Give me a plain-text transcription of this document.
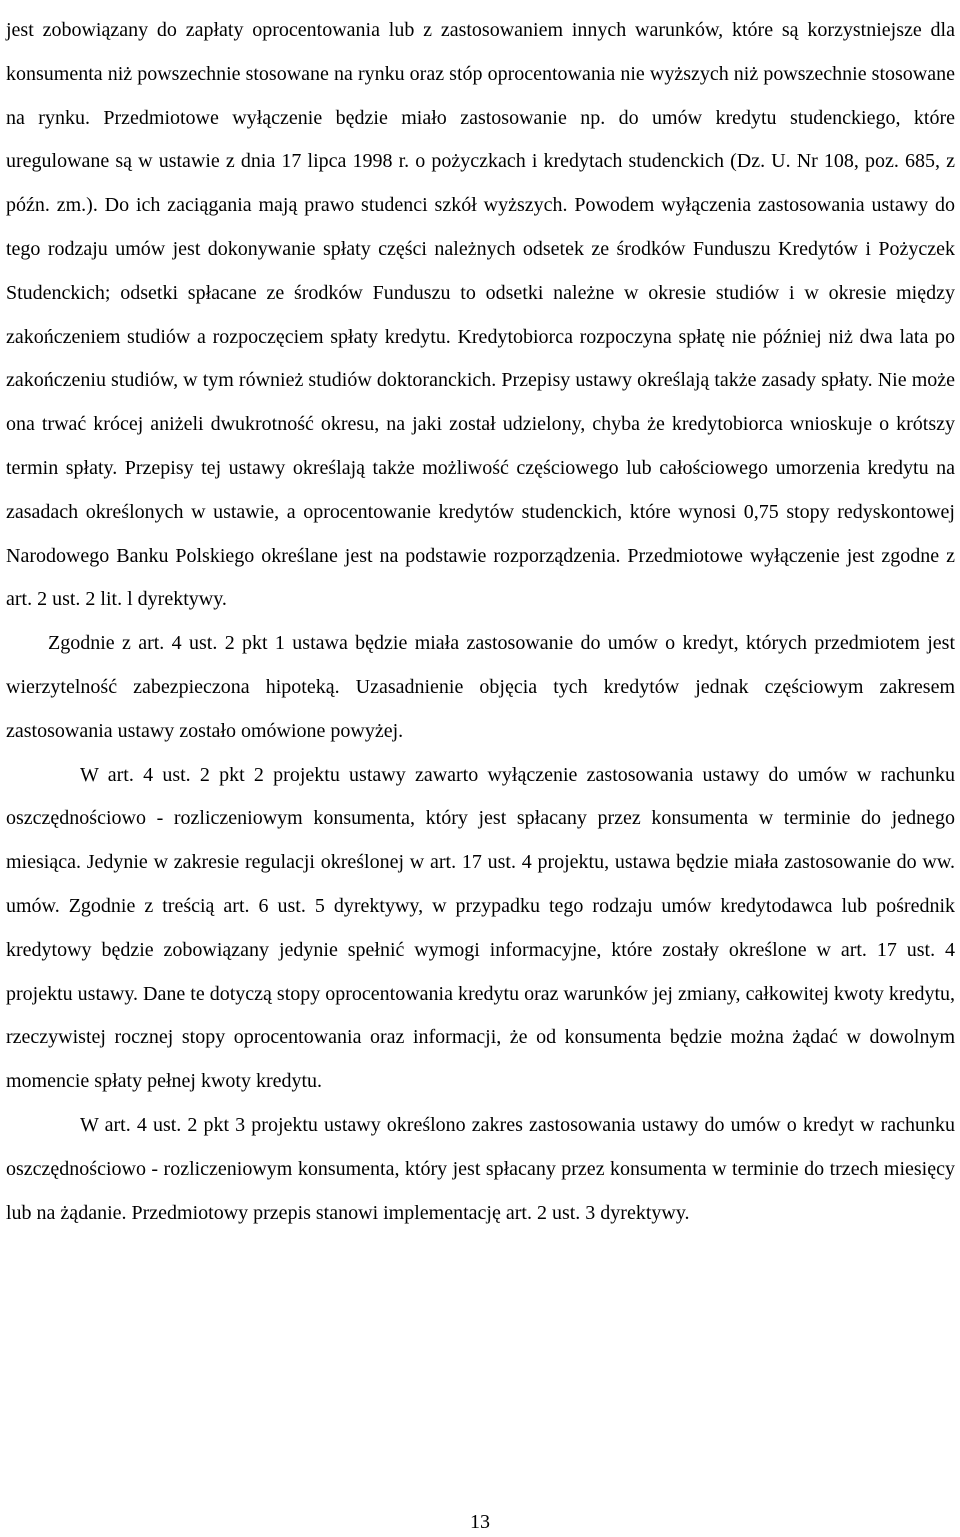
jest zobowiązany do zapłaty oprocentowania lub z zastosowaniem innych warunków, które są korzystniejsze dla konsumenta niż powszechnie stosowane na rynku oraz stóp oprocentowania nie wyższych niż powszechnie stosowane na rynku. Przedmiotowe wyłączenie będzie miało zastosowanie np. do umów kredytu studenckiego, które uregulowane są w ustawie z dnia 17 lipca 1998 r. o pożyczkach i kredytach studenckich (Dz. U. Nr 108, poz. 685, z późn. zm.). Do ich zaciągania mają prawo studenci szkół wyższych. Powodem wyłączenia zastosowania ustawy do tego rodzaju umów jest dokonywanie spłaty części należnych odsetek ze środków Funduszu Kredytów i Pożyczek Studenckich; odsetki spłacane ze środków Funduszu to odsetki należne w okresie studiów i w okresie między zakończeniem studiów a rozpoczęciem spłaty kredytu. Kredytobiorca rozpoczyna spłatę nie później niż dwa lata po zakończeniu studiów, w tym również studiów doktoranckich. Przepisy ustawy określają także zasady spłaty. Nie może ona trwać krócej aniżeli dwukrotność okresu, na jaki został udzielony, chyba że kredytobiorca wnioskuje o krótszy termin spłaty. Przepisy tej ustawy określają także możliwość częściowego lub całościowego umorzenia kredytu na zasadach określonych w ustawie, a oprocentowanie kredytów studenckich, które wynosi 0,75 stopy redyskontowej Narodowego Banku Polskiego określane jest na podstawie rozporządzenia. Przedmiotowe wyłączenie jest zgodne z art. 2 ust. 2 lit. l dyrektywy.

Zgodnie z art. 4 ust. 2 pkt 1 ustawa będzie miała zastosowanie do umów o kredyt, których przedmiotem jest wierzytelność zabezpieczona hipoteką. Uzasadnienie objęcia tych kredytów jednak częściowym zakresem zastosowania ustawy zostało omówione powyżej.

W art. 4 ust. 2 pkt 2 projektu ustawy zawarto wyłączenie zastosowania ustawy do umów w rachunku oszczędnościowo - rozliczeniowym konsumenta, który jest spłacany przez konsumenta w terminie do jednego miesiąca. Jedynie w zakresie regulacji określonej w art. 17 ust. 4 projektu, ustawa będzie miała zastosowanie do ww. umów. Zgodnie z treścią art. 6 ust. 5 dyrektywy, w przypadku tego rodzaju umów kredytodawca lub pośrednik kredytowy będzie zobowiązany jedynie spełnić wymogi informacyjne, które zostały określone w art. 17 ust. 4 projektu ustawy. Dane te dotyczą stopy oprocentowania kredytu oraz warunków jej zmiany, całkowitej kwoty kredytu, rzeczywistej rocznej stopy oprocentowania oraz informacji, że od konsumenta będzie można żądać w dowolnym momencie spłaty pełnej kwoty kredytu.

W art. 4 ust. 2 pkt 3 projektu ustawy określono zakres zastosowania ustawy do umów o kredyt w rachunku oszczędnościowo - rozliczeniowym konsumenta, który jest spłacany przez konsumenta w terminie do trzech miesięcy lub na żądanie. Przedmiotowy przepis stanowi implementację art. 2 ust. 3 dyrektywy.

13
